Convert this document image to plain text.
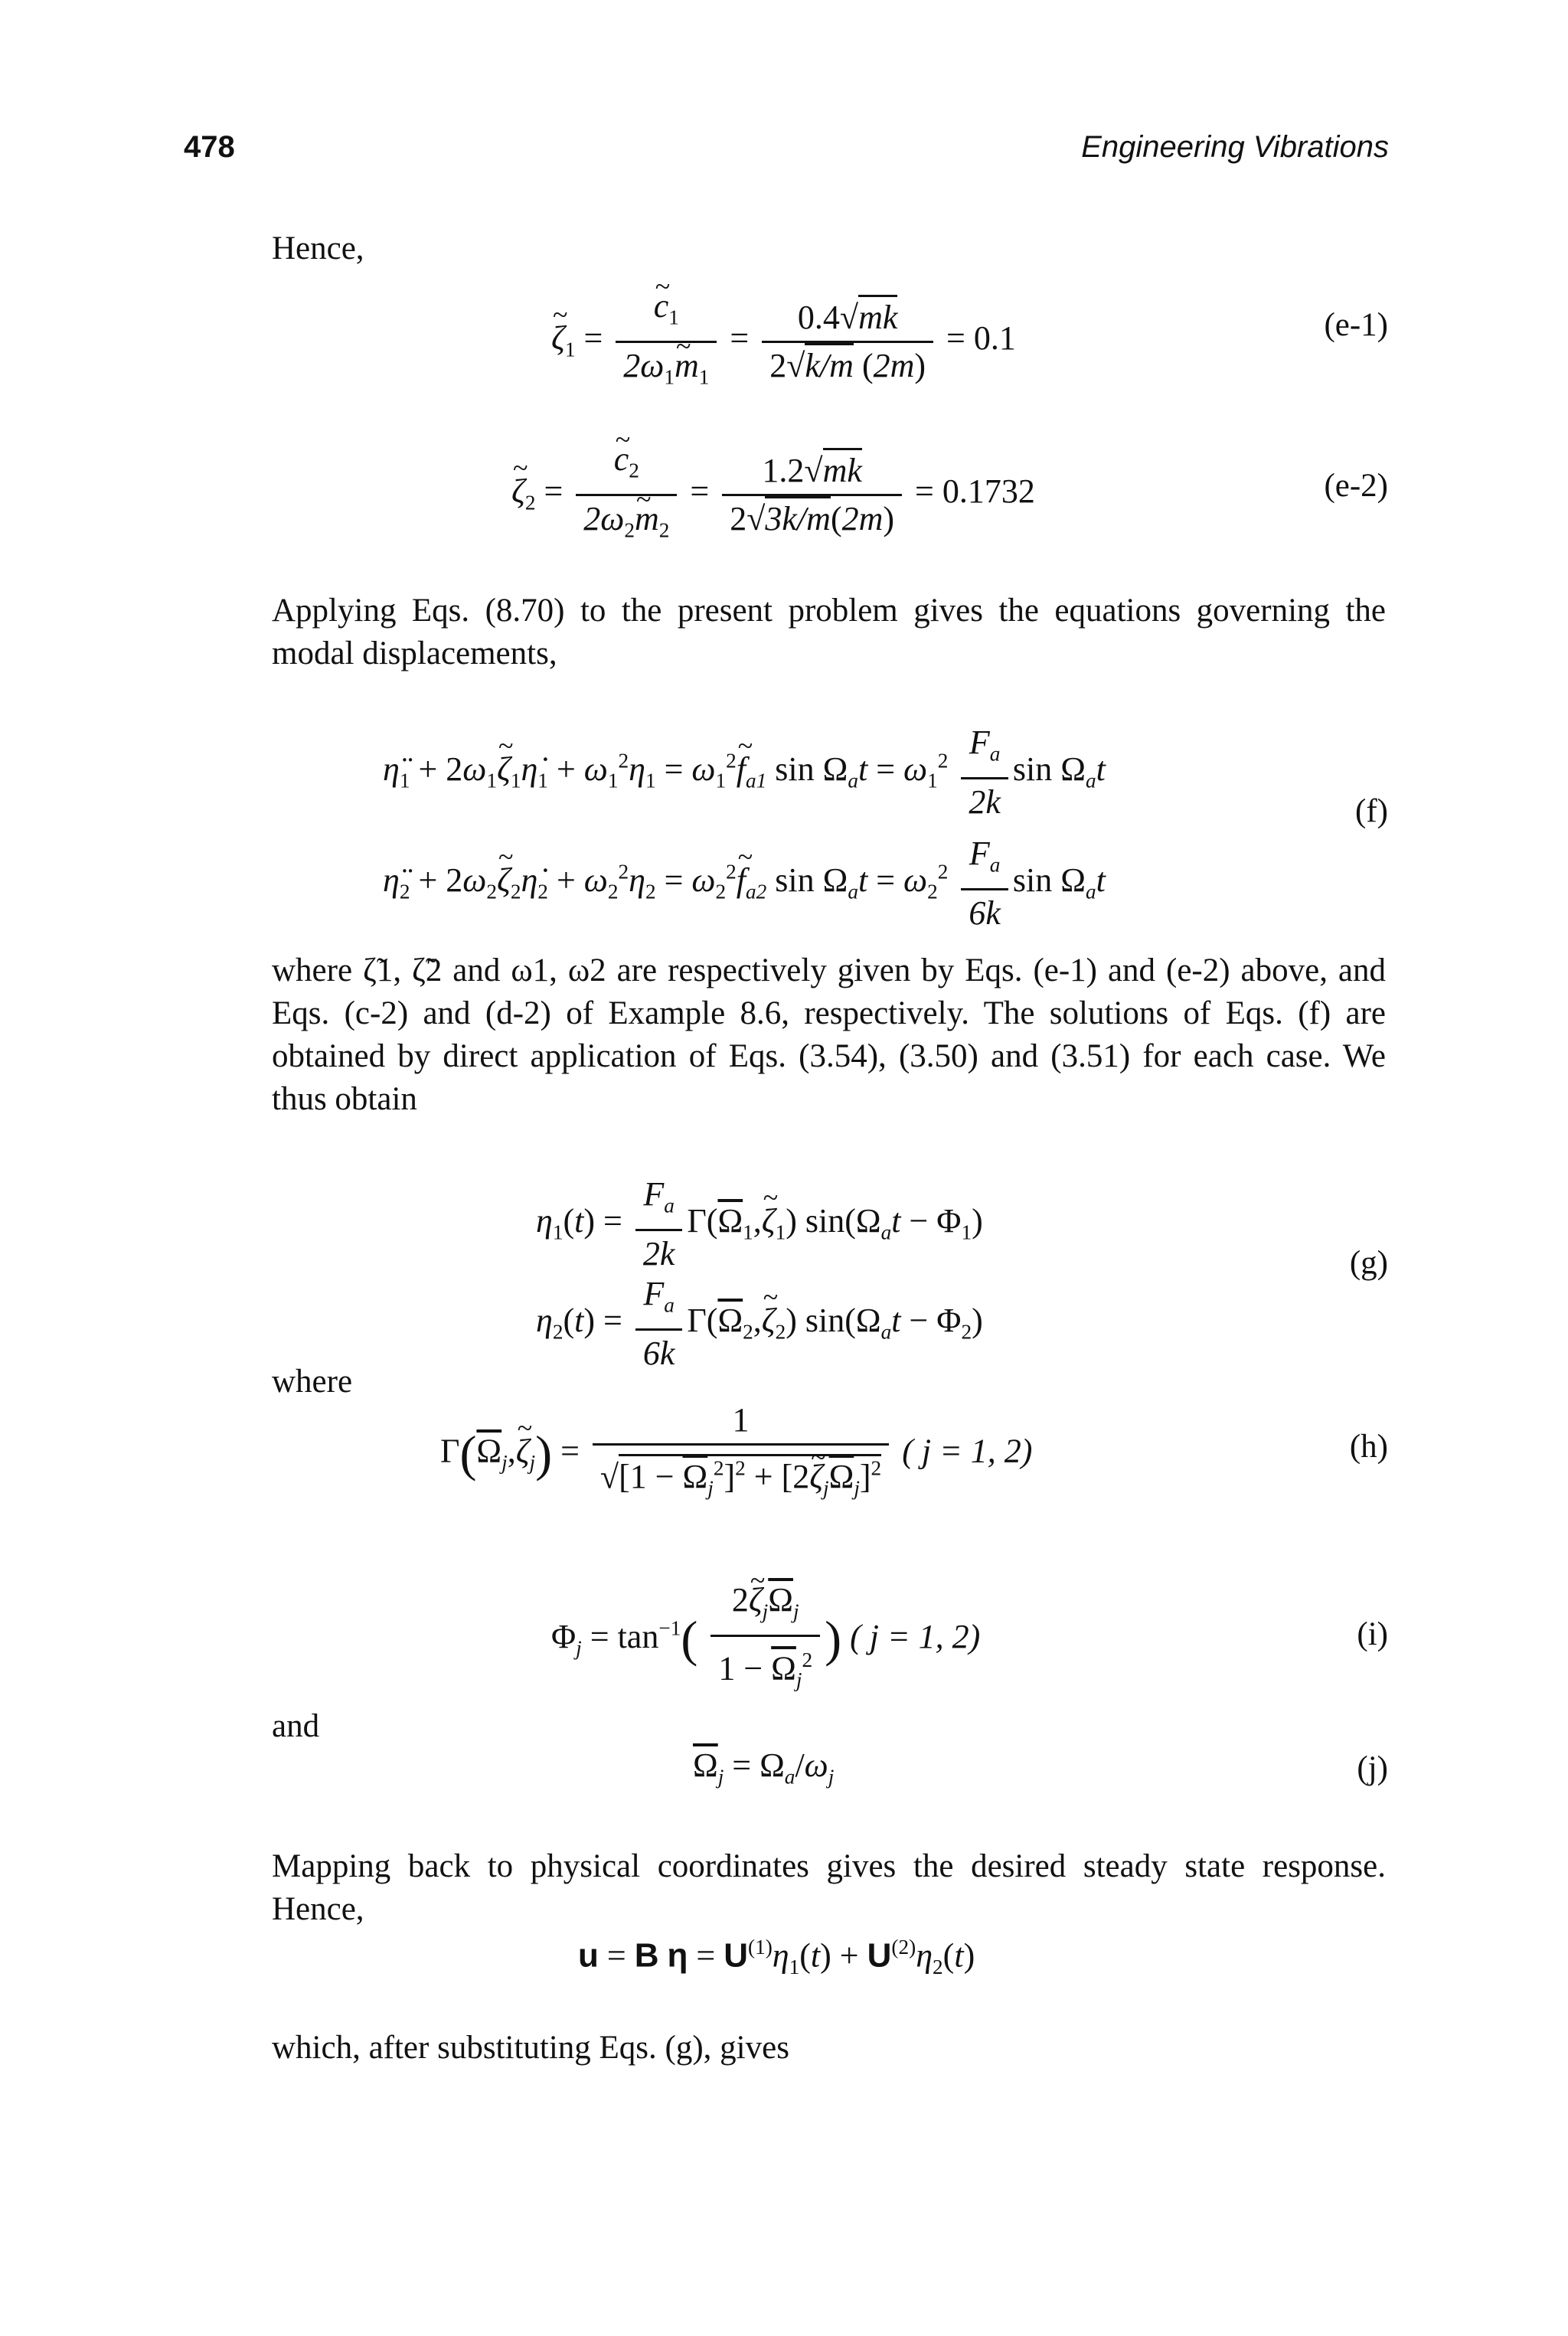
478	Engineering Vibrations
Hence,
~ $\zeta_1$ = ~ $\frac{c_1}{2\omega_1\sim m_1} = \frac{0.4√mk}{2√k/m (2m)} = 0.1$	(e-1)
~ $\zeta_2$ = ~ $\frac{c_2}{2\omega_2\sim m_2} = \frac{1.2√mk}{2√3k/m(2m)} = 0.1732$	(e-2)
Applying Eqs. (8.70) to the present problem gives the equations governing the modal displacements,
$\etä_1$ + $2\omega_1\sim$ $\zeta_1\etȧ_1 + \omega_1^2\eta_1$ = $\omega_1^2\sim$ $f_{a1}$ $\sin \Omega_at = \omega_1^2 \frac{F_a}{2k}$ $\sin \Omega_at$
$\etä_2$ + $2\omega_2\sim$ $\zeta_2\etȧ_2 + \omega_2^2\eta_2$ = $\omega_2^2\sim$ $f_{a2}$ $\sin \Omega_at = \omega_2^2 \frac{F_a}{6k}$ $\sin \Omega_at$
(f)
where ζ̃1, ζ̃2 and ω1, ω2 are respectively given by Eqs. (e-1) and (e-2) above, and Eqs. (c-2) and (d-2) of Example 8.6, respectively. The solutions of Eqs. (f) are obtained by direct application of Eqs. (3.54), (3.50) and (3.51) for each case. We thus obtain
$\eta_1(t) = \frac{F_a}{2k}$ $\Gamma(\overline{\Omega}_1,\sim$ $\zeta_1$) $\sin(\Omega_at - \Phi_1)$
$\eta_2(t) = \frac{F_a}{6k}$ $\Gamma(\overline{\Omega}_2,\sim$ $\zeta_2$) $\sin(\Omega_at - \Phi_2)$
(g)
where
$\Gamma(\overline{\Omega}_j,\sim$ $\zeta_j) = \frac{1}{√[1 - \overline{\Omega}_j^2]^2 + [2\sim \zeta_j\overline{\Omega}_j]^2}$ ( j = 1, 2)	(h)
$\Phi_j = \tan^{-1}( \frac{2\sim \zeta_j\overline{\Omega}_j}{1 - \overline{\Omega}_j^2}$ ) ( j = 1, 2)	(i)
and
$\overline{\Omega}_j = \Omega_a/\omega_j$	(j)
Mapping back to physical coordinates gives the desired steady state response. Hence,
u = B $\eta = U^{(1)}\eta_1(t) + U^{(2)}\eta_2(t)$
which, after substituting Eqs. (g), gives
